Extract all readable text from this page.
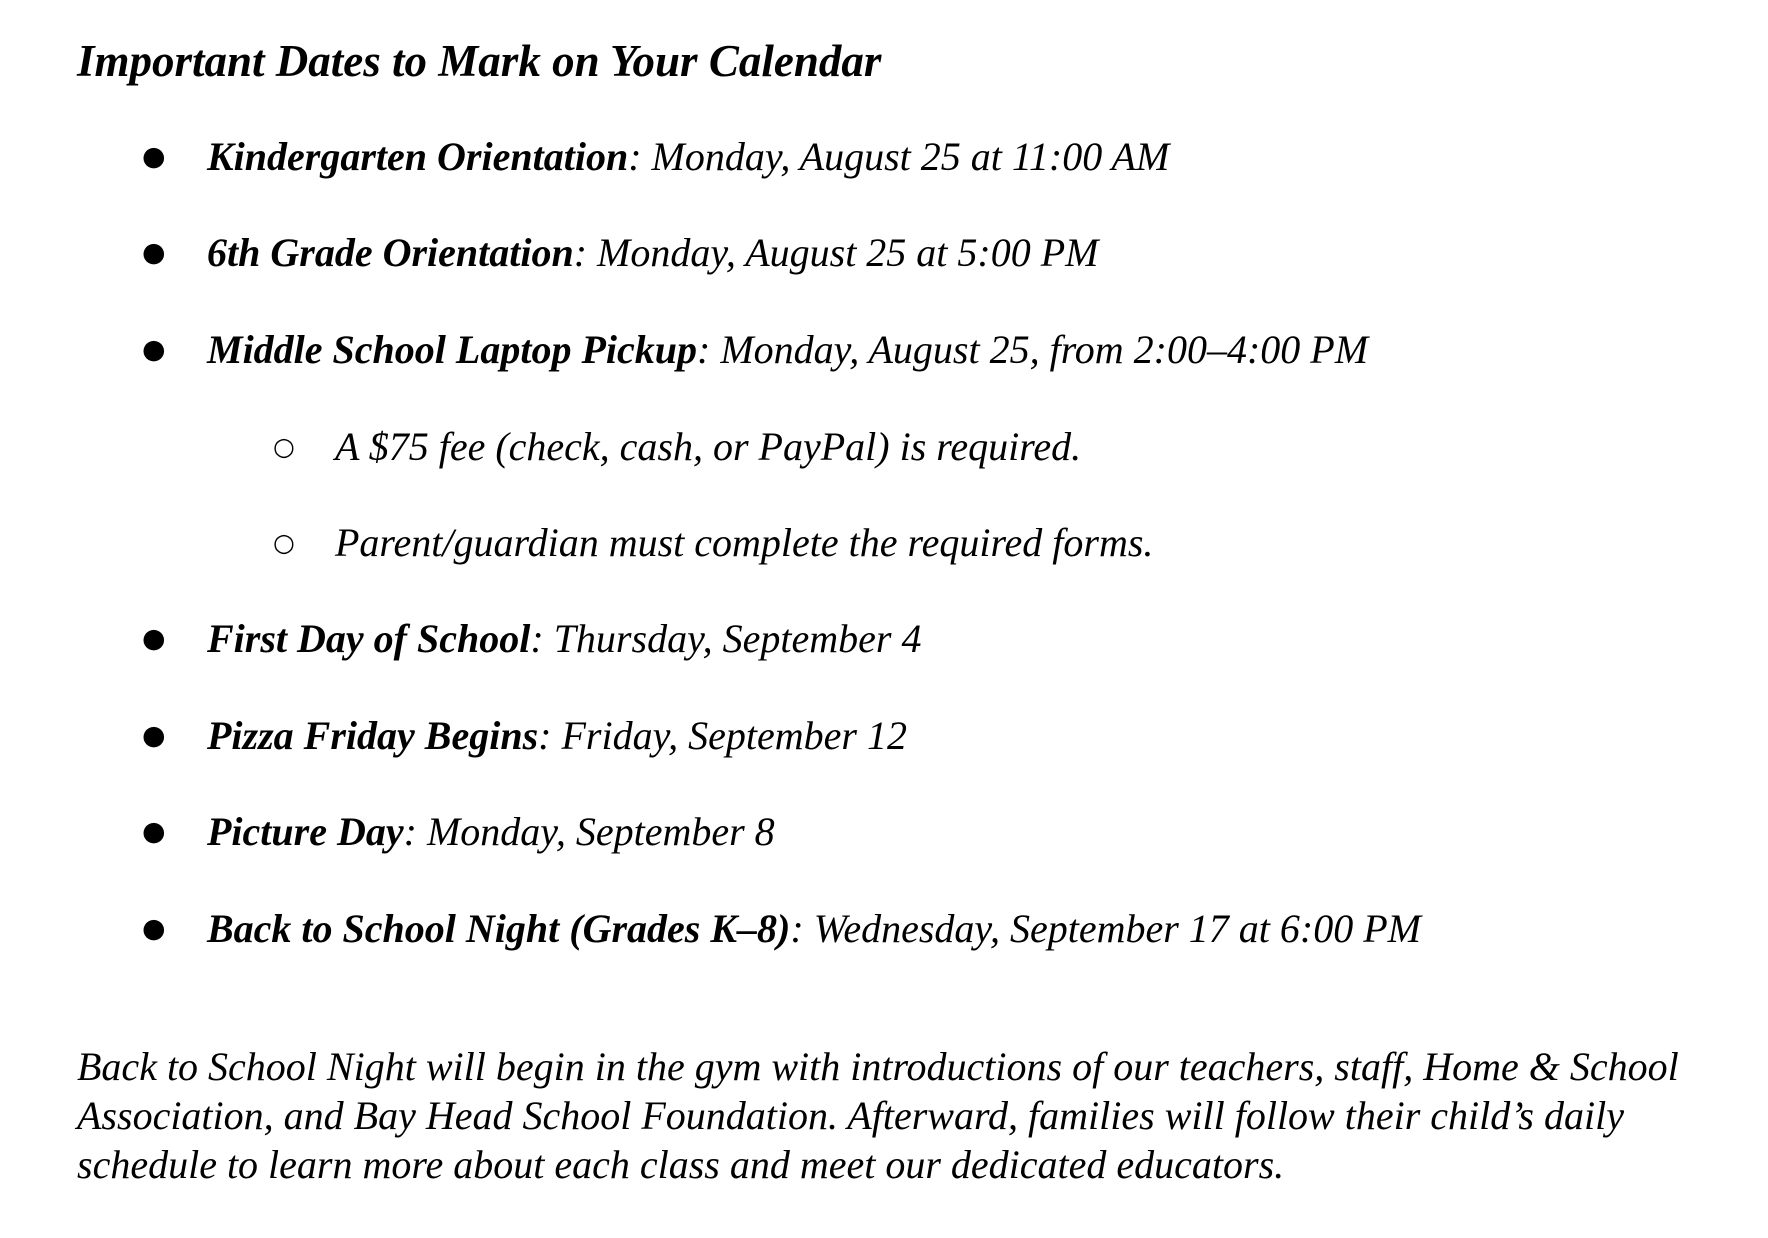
Important Dates to Mark on Your Calendar
● Kindergarten Orientation: Monday, August 25 at 11:00 AM
● 6th Grade Orientation: Monday, August 25 at 5:00 PM
● Middle School Laptop Pickup: Monday, August 25, from 2:00–4:00 PM
○ A $75 fee (check, cash, or PayPal) is required.
○ Parent/guardian must complete the required forms.
● First Day of School: Thursday, September 4
● Pizza Friday Begins: Friday, September 12
● Picture Day: Monday, September 8
● Back to School Night (Grades K–8): Wednesday, September 17 at 6:00 PM

Back to School Night will begin in the gym with introductions of our teachers, staff, Home & School Association, and Bay Head School Foundation. Afterward, families will follow their child’s daily schedule to learn more about each class and meet our dedicated educators.
